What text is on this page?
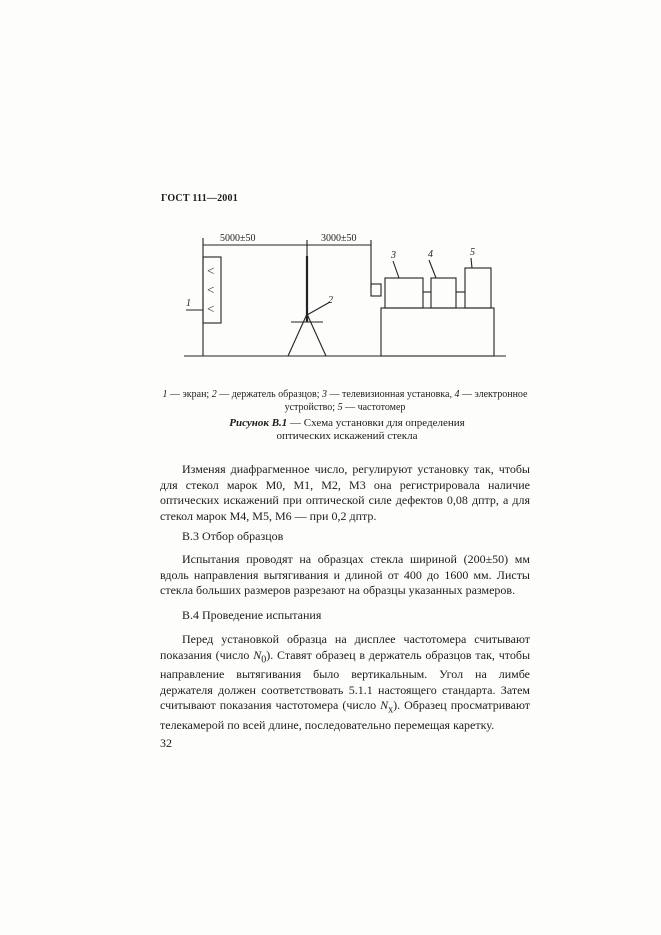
ГОСТ 111—2001
5000±50	3000±50
<
<
<
1	2
3	4	5
1 — экран; 2 — держатель образцов; 3 — телевизионная установка, 4 — электронное устройство; 5 — частотомер
Рисунок В.1 — Схема установки для определения оптических искажений стекла
Изменяя диафрагменное число, регулируют установку так, чтобы для стекол марок М0, М1, М2, М3 она регистрировала наличие оптических искажений при оптической силе дефектов 0,08 дптр, а для стекол марок М4, М5, М6 — при 0,2 дптр.
В.3 Отбор образцов
Испытания проводят на образцах стекла шириной (200±50) мм вдоль направления вытягивания и длиной от 400 до 1600 мм. Листы стекла больших размеров разрезают на образцы указанных размеров.
В.4 Проведение испытания
Перед установкой образца на дисплее частотомера считывают показания (число $N_0$). Ставят образец в держатель образцов так, чтобы направление вытягивания было вертикальным. Угол на лимбе держателя должен соответствовать 5.1.1 настоящего стандарта. Затем считывают показания частотомера (число $N_x$). Образец просматривают телекамерой по всей длине, последовательно перемещая каретку.
32
